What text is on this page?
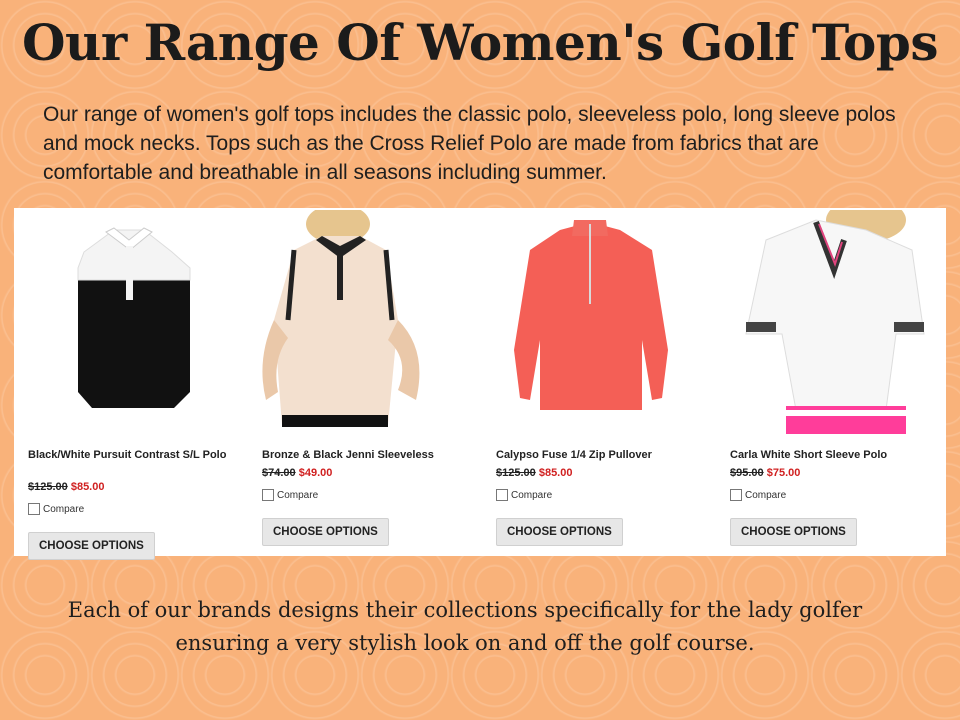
Our Range Of Women's Golf Tops

Our range of women's golf tops includes the classic polo, sleeveless polo, long sleeve polos and mock necks. Tops such as the Cross Relief Polo are made from fabrics that are comfortable and breathable in all seasons including summer.

Black/White Pursuit Contrast S/L Polo
$125.00 $85.00
Compare
CHOOSE OPTIONS
Bronze & Black Jenni Sleeveless
$74.00 $49.00
Compare
CHOOSE OPTIONS
Calypso Fuse 1/4 Zip Pullover
$125.00 $85.00
Compare
CHOOSE OPTIONS
Carla White Short Sleeve Polo
$95.00 $75.00
Compare
CHOOSE OPTIONS

Each of our brands designs their collections specifically for the lady golfer ensuring a very stylish look on and off the golf course.
